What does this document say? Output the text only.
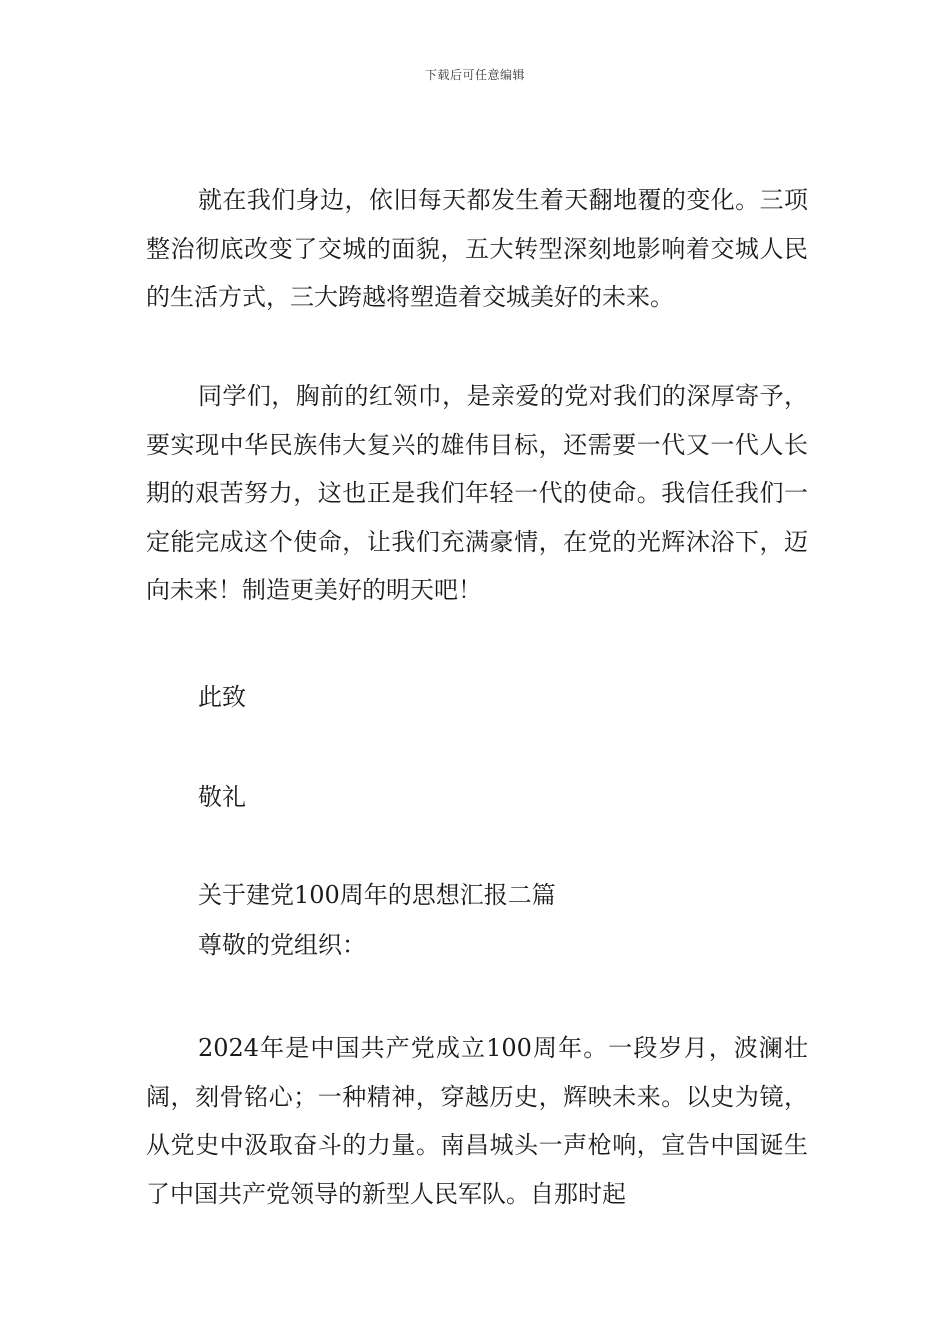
下载后可任意编辑

就在我们身边，依旧每天都发生着天翻地覆的变化。三项整治彻底改变了交城的面貌，五大转型深刻地影响着交城人民的生活方式，三大跨越将塑造着交城美好的未来。

同学们，胸前的红领巾，是亲爱的党对我们的深厚寄予，要实现中华民族伟大复兴的雄伟目标，还需要一代又一代人长期的艰苦努力，这也正是我们年轻一代的使命。我信任我们一定能完成这个使命，让我们充满豪情，在党的光辉沐浴下，迈向未来！制造更美好的明天吧！

此致
敬礼
关于建党100周年的思想汇报二篇
尊敬的党组织：

2024年是中国共产党成立100周年。一段岁月，波澜壮阔，刻骨铭心；一种精神，穿越历史，辉映未来。以史为镜，从党史中汲取奋斗的力量。南昌城头一声枪响，宣告中国诞生了中国共产党领导的新型人民军队。自那时起
